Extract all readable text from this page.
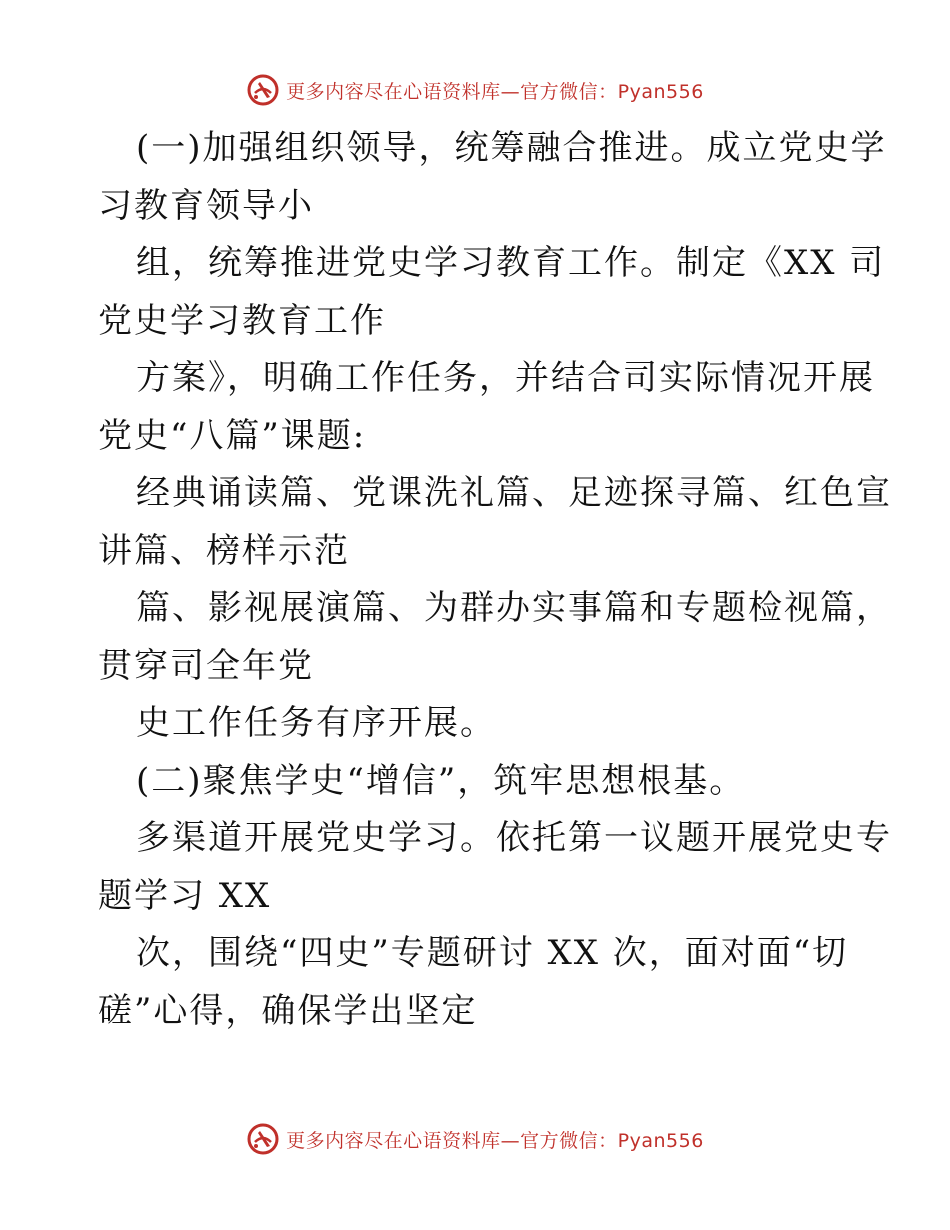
更多内容尽在心语资料库—官方微信：Pyan556
(一)加强组织领导，统筹融合推进。成立党史学
习教育领导小
组，统筹推进党史学习教育工作。制定《XX 司
党史学习教育工作
方案》，明确工作任务，并结合司实际情况开展
党史“八篇”课题:
经典诵读篇、党课洗礼篇、足迹探寻篇、红色宣
讲篇、榜样示范
篇、影视展演篇、为群办实事篇和专题检视篇，
贯穿司全年党
史工作任务有序开展。
(二)聚焦学史“增信”，筑牢思想根基。
多渠道开展党史学习。依托第一议题开展党史专
题学习 XX
次，围绕“四史”专题研讨 XX 次，面对面“切
磋”心得，确保学出坚定
更多内容尽在心语资料库—官方微信：Pyan556
